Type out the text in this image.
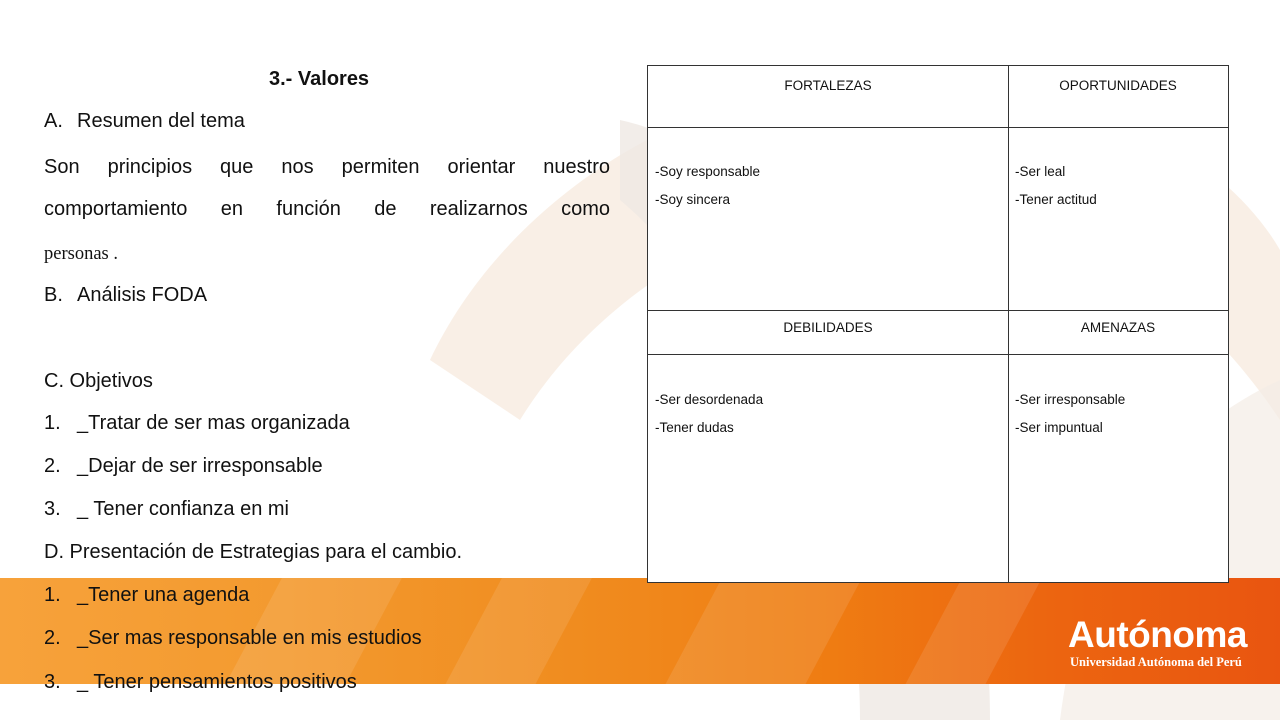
Autónoma
Universidad Autónoma del Perú
3.- Valores
A. Resumen del tema
Son principios que nos permiten orientar nuestro
comportamiento en función de realizarnos como
personas .
B. Análisis FODA
C. Objetivos
1. _Tratar de ser mas organizada
2. _Dejar de ser irresponsable
3. _ Tener confianza en mi
D. Presentación de Estrategias para el cambio.
1. _Tener una agenda
2. _Ser mas responsable en mis estudios
3. _ Tener pensamientos positivos
FORTALEZAS	OPORTUNIDADES
-Soy responsable
-Soy sincera
-Ser leal
-Tener actitud
DEBILIDADES	AMENAZAS
-Ser desordenada
-Tener dudas
-Ser irresponsable
-Ser impuntual
